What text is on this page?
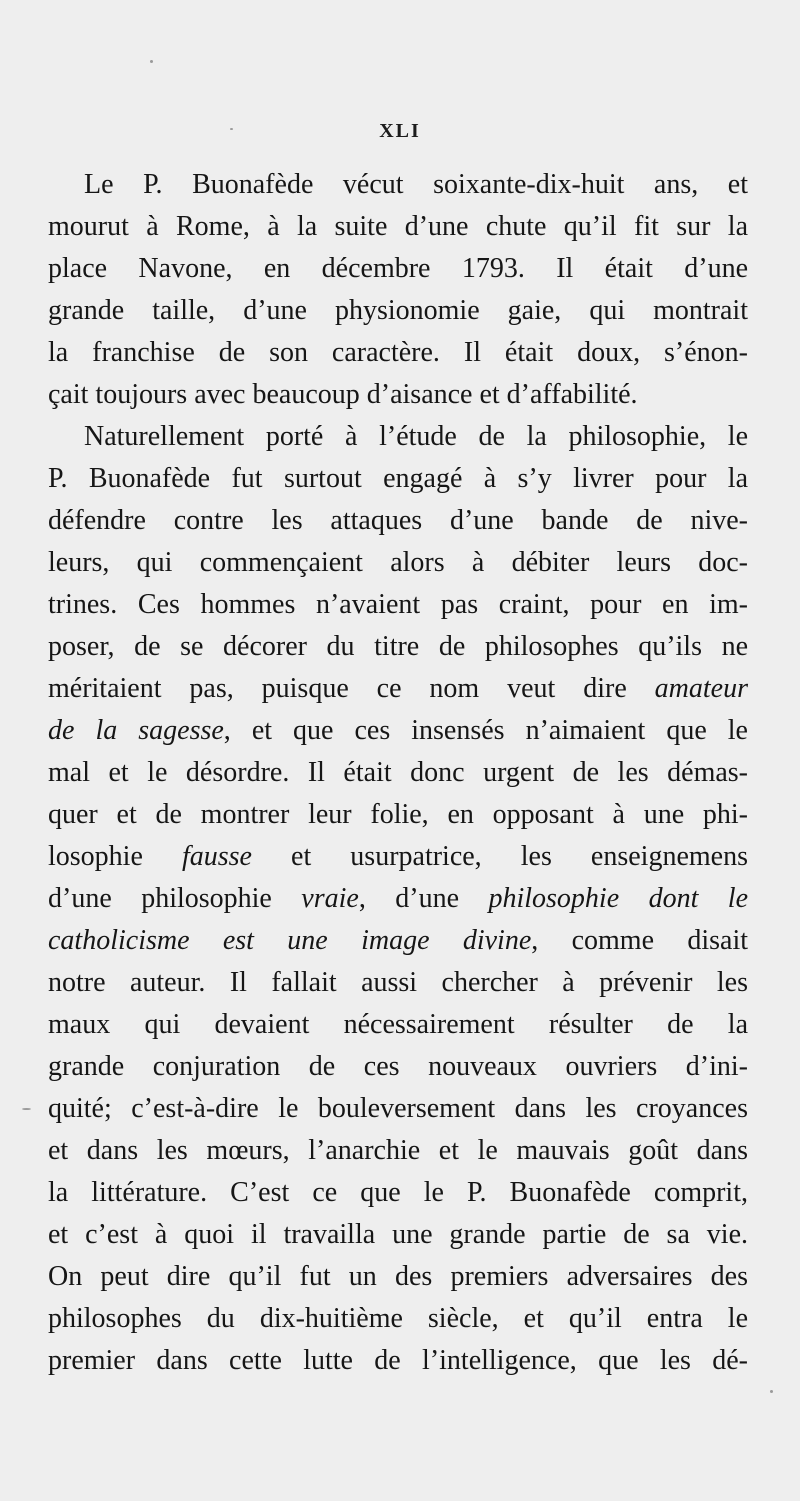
XLI
Le P. Buonafède vécut soixante-dix-huit ans, et
mourut à Rome, à la suite d’une chute qu’il fit sur la
place Navone, en décembre 1793. Il était d’une
grande taille, d’une physionomie gaie, qui montrait
la franchise de son caractère. Il était doux, s’énon-
çait toujours avec beaucoup d’aisance et d’affabilité.
Naturellement porté à l’étude de la philosophie, le
P. Buonafède fut surtout engagé à s’y livrer pour la
défendre contre les attaques d’une bande de nive-
leurs, qui commençaient alors à débiter leurs doc-
trines. Ces hommes n’avaient pas craint, pour en im-
poser, de se décorer du titre de philosophes qu’ils ne
méritaient pas, puisque ce nom veut dire amateur
de la sagesse, et que ces insensés n’aimaient que le
mal et le désordre. Il était donc urgent de les démas-
quer et de montrer leur folie, en opposant à une phi-
losophie fausse et usurpatrice, les enseignemens
d’une philosophie vraie, d’une philosophie dont le
catholicisme est une image divine, comme disait
notre auteur. Il fallait aussi chercher à prévenir les
maux qui devaient nécessairement résulter de la
grande conjuration de ces nouveaux ouvriers d’ini-
quité; c’est-à-dire le bouleversement dans les croyances
et dans les mœurs, l’anarchie et le mauvais goût dans
la littérature. C’est ce que le P. Buonafède comprit,
et c’est à quoi il travailla une grande partie de sa vie.
On peut dire qu’il fut un des premiers adversaires des
philosophes du dix-huitième siècle, et qu’il entra le
premier dans cette lutte de l’intelligence, que les dé-
